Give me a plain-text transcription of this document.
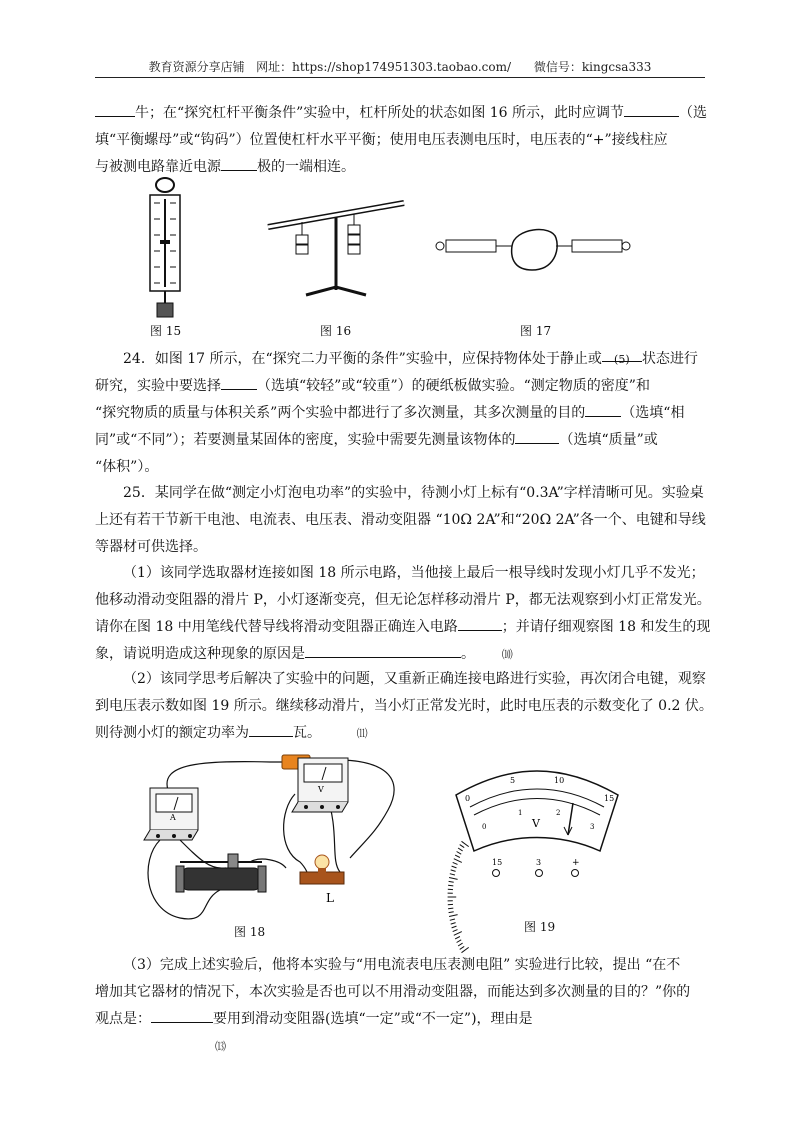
教育资源分享店铺 网址：https://shop174951303.taobao.com/ 微信号：kingcsa333
牛；在“探究杠杆平衡条件”实验中，杠杆所处的状态如图 16 所示，此时应调节	（选
填“平衡螺母”或“钩码”）位置使杠杆水平平衡；使用电压表测电压时，电压表的“+”接线柱应
与被测电路靠近电源	极的一端相连。
图 15	图 16	图 17
24．如图 17 所示，在“探究二力平衡的条件”实验中，应保持物体处于静止或 (5) 状态进行
研究，实验中要选择	（选填“较轻”或“较重”）的硬纸板做实验。“测定物质的密度”和
“探究物质的质量与体积关系”两个实验中都进行了多次测量，其多次测量的目的	（选填“相
同”或“不同”）；若要测量某固体的密度，实验中需要先测量该物体的	（选填“质量”或
“体积”）。
25．某同学在做“测定小灯泡电功率”的实验中，待测小灯上标有“0.3A”字样清晰可见。实验桌
上还有若干节新干电池、电流表、电压表、滑动变阻器 “10Ω 2A”和“20Ω 2A”各一个、电键和导线
等器材可供选择。
（1）该同学选取器材连接如图 18 所示电路，当他接上最后一根导线时发现小灯几乎不发光；
他移动滑动变阻器的滑片 P，小灯逐渐变亮，但无论怎样移动滑片 P，都无法观察到小灯正常发光。
请你在图 18 中用笔线代替导线将滑动变阻器正确连入电路	；并请仔细观察图 18 和发生的现
象，请说明造成这种现象的原因是	。 ⑽
（2）该同学思考后解决了实验中的问题，又重新正确连接电路进行实验，再次闭合电键，观察
到电压表示数如图 19 所示。继续移动滑片，当小灯正常发光时，此时电压表的示数变化了 0.2 伏。
则待测小灯的额定功率为	瓦。	⑾
A
V
L
图 18
0
5	10
15
0
1	2
3
V
15	3	+
图 19
（3）完成上述实验后，他将本实验与“用电流表电压表测电阻” 实验进行比较，提出 “在不
增加其它器材的情况下，本次实验是否也可以不用滑动变阻器，而能达到多次测量的目的？”你的
观点是：	要用到滑动变阻器(选填“一定”或“不一定”)，理由是
⒀
